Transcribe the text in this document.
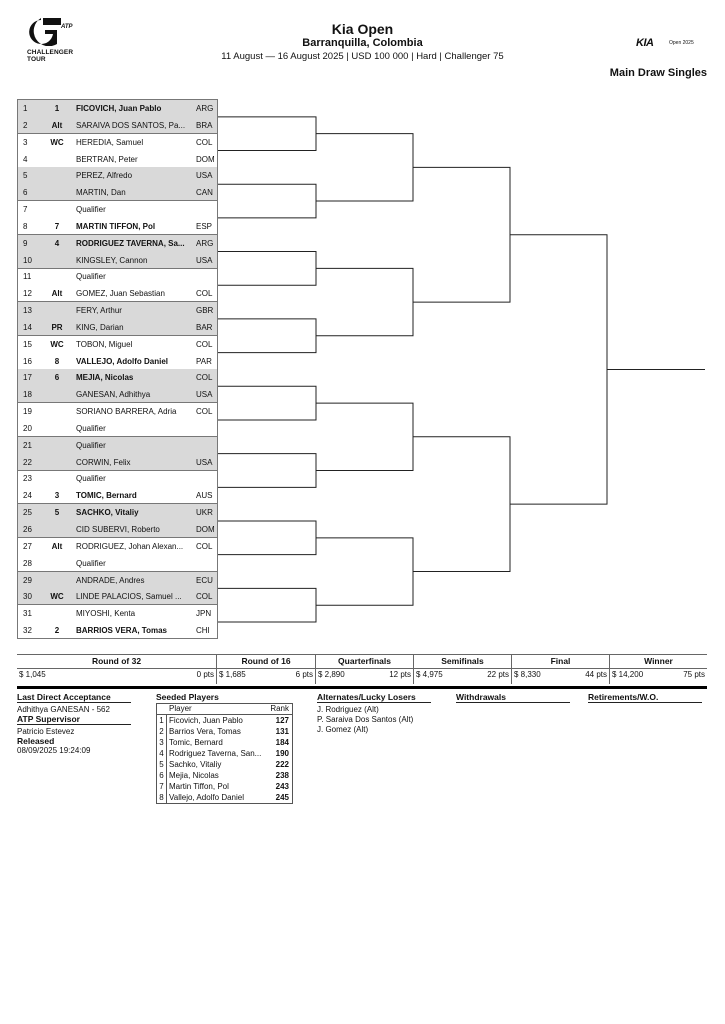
ATP
CHALLENGER
TOUR
Kia Open
Barranquilla, Colombia
11 August — 16 August 2025 | USD 100 000 | Hard | Challenger 75
KIA	Open 2025
Main Draw Singles
1	1	FICOVICH, Juan Pablo	ARG
2	Alt	SARAIVA DOS SANTOS, Pa...	BRA
3	WC	HEREDIA, Samuel	COL
4	BERTRAN, Peter	DOM
5	PEREZ, Alfredo	USA
6	MARTIN, Dan	CAN
7	Qualifier
8	7	MARTIN TIFFON, Pol	ESP
9	4	RODRIGUEZ TAVERNA, Sa...	ARG
10	KINGSLEY, Cannon	USA
11	Qualifier
12	Alt	GOMEZ, Juan Sebastian	COL
13	FERY, Arthur	GBR
14	PR	KING, Darian	BAR
15	WC	TOBON, Miguel	COL
16	8	VALLEJO, Adolfo Daniel	PAR
17	6	MEJIA, Nicolas	COL
18	GANESAN, Adhithya	USA
19	SORIANO BARRERA, Adria	COL
20	Qualifier
21	Qualifier
22	CORWIN, Felix	USA
23	Qualifier
24	3	TOMIC, Bernard	AUS
25	5	SACHKO, Vitaliy	UKR
26	CID SUBERVI, Roberto	DOM
27	Alt	RODRIGUEZ, Johan Alexan...	COL
28	Qualifier
29	ANDRADE, Andres	ECU
30	WC	LINDE PALACIOS, Samuel ...	COL
31	MIYOSHI, Kenta	JPN
32	2	BARRIOS VERA, Tomas	CHI
Round of 32
$ 1,045	0 pts
Round of 16
$ 1,685	6 pts
Quarterfinals
$ 2,890	12 pts
Semifinals
$ 4,975	22 pts
Final
$ 8,330	44 pts
Winner
$ 14,200	75 pts
Last Direct Acceptance
Adhithya GANESAN - 562
ATP Supervisor
Patricio Estevez
Released
08/09/2025 19:24:09
Seeded Players
Player	Rank
1 Ficovich, Juan Pablo	127
2 Barrios Vera, Tomas	131
3 Tomic, Bernard	184
4 Rodriguez Taverna, San...	190
5 Sachko, Vitaliy	222
6 Mejia, Nicolas	238
7 Martin Tiffon, Pol	243
8 Vallejo, Adolfo Daniel	245
Alternates/Lucky Losers
J. Rodriguez (Alt)
P. Saraiva Dos Santos (Alt)
J. Gomez (Alt)
Withdrawals	Retirements/W.O.
